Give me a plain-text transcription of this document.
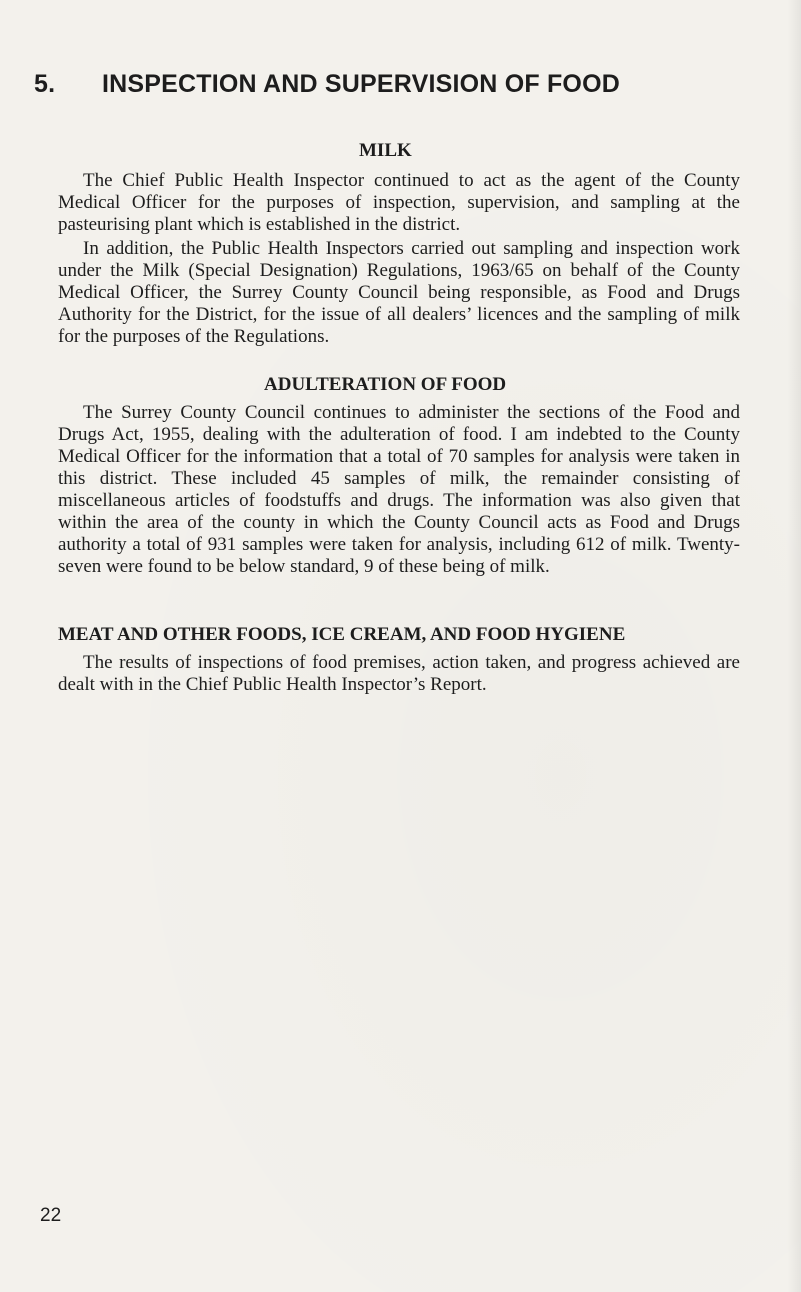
5. INSPECTION AND SUPERVISION OF FOOD
MILK

The Chief Public Health Inspector continued to act as the agent of the County Medical Officer for the purposes of inspection, supervision, and sampling at the pasteurising plant which is established in the district.

In addition, the Public Health Inspectors carried out sampling and inspection work under the Milk (Special Designation) Regulations, 1963/65 on behalf of the County Medical Officer, the Surrey County Council being responsible, as Food and Drugs Authority for the District, for the issue of all dealers’ licences and the sampling of milk for the purposes of the Regulations.

ADULTERATION OF FOOD

The Surrey County Council continues to administer the sections of the Food and Drugs Act, 1955, dealing with the adulteration of food. I am indebted to the County Medical Officer for the information that a total of 70 samples for analysis were taken in this district. These included 45 samples of milk, the remainder consisting of miscellaneous articles of foodstuffs and drugs. The information was also given that within the area of the county in which the County Council acts as Food and Drugs authority a total of 931 samples were taken for analysis, including 612 of milk. Twenty-seven were found to be below standard, 9 of these being of milk.

MEAT AND OTHER FOODS, ICE CREAM, AND FOOD HYGIENE

The results of inspections of food premises, action taken, and progress achieved are dealt with in the Chief Public Health Inspector’s Report.

22
